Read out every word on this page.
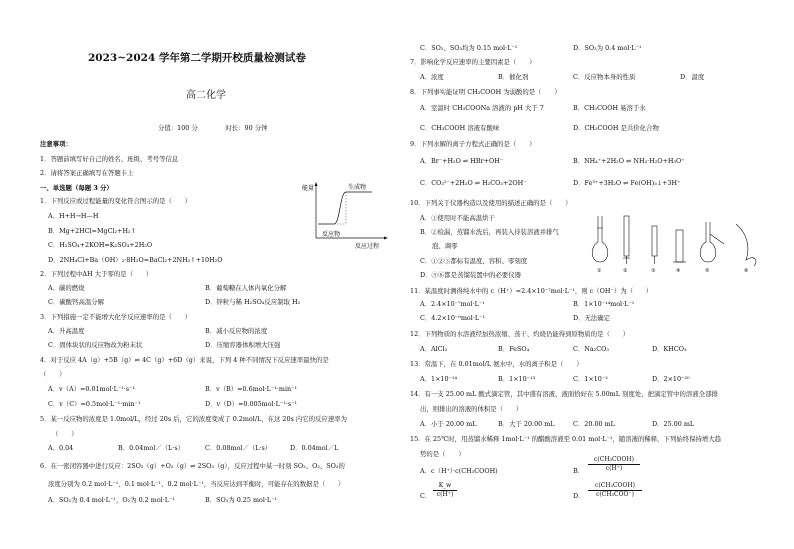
2023~2024 学年第二学期开校质量检测试卷
高二化学
分值：100 分 　　　　时长：90 分钟
注意事项：
1．答题前填写好自己的姓名、班级、考号等信息
2．请将答案正确填写在答题卡上
一、单选题（每题 3 分）
1．下列反应或过程能量的变化符合图示的是（　　）
A．H+H→H—H
B．Mg+2HCl=MgCl₂+H₂↑
C．H₂SO₄+2KOH=K₂SO₄+2H₂O
D．2NH₄Cl+Ba（OH）₂·8H₂O=BaCl₂+2NH₃↑+10H₂O
2．下列过程中ΔH 大于零的是（　　）
A．碳的燃烧	B．葡萄糖在人体内氧化分解
C．碳酸钙高温分解	D．锌粒与稀 H₂SO₄反应制取 H₂
3．下列措施一定不能增大化学反应速率的是（　　）
A．升高温度	B．减小反应物的浓度
C．固体块状的反应物改为粉末状	D．压缩容器体积增大压强
4．对于反应 4A（g）+5B（g）⇌ 4C（g）+6D（g）来说，下列 4 种不同情况下反应速率最快的是
（　　）
A．v（A）=0.01mol·L⁻¹·s⁻¹	B．v（B）=0.6mol·L⁻¹·min⁻¹
C．v（C）=0.5mol·L⁻¹·min⁻¹	D．v（D）=0.005mol·L⁻¹·s⁻¹
5．某一反应物的浓度是 1.0mol/L，经过 20s 后，它的浓度变成了 0.2mol/L，在这 20s 内它的反应速率为
（　　）
A．0.04	B．0.04mol／（L·s）	C．0.08mol／（L·s）	D．0.04mol／L
6．在一密闭容器中进行反应：2SO₂（g）+O₂（g）⇌ 2SO₃（g），反应过程中某一时刻 SO₂、O₂、SO₃的
浓度分别为 0.2 mol·L⁻¹、0.1 mol·L⁻¹、0.2 mol·L⁻¹，当反应达到平衡时，可能存在的数据是（　　）
A．SO₂为 0.4 mol·L⁻¹，O₂为 0.2 mol·L⁻¹	B．SO₃为 0.25 mol·L⁻¹
能量	生成物
反应物
反应过程
C．SO₂、SO₃均为 0.15 mol·L⁻¹	D．SO₃为 0.4 mol·L⁻¹
7．影响化学反应速率的主要因素是（　　）
A．浓度	B．催化剂	C．反应物本身的性质	D．温度
8．下列事实能证明 CH₃COOH 为弱酸的是（　　）
A．室温时 CH₃COONa 溶液的 pH 大于 7	B．CH₃COOH 易溶于水
C．CH₃COOH 溶液有酸味	D．CH₃COOH 是共价化合物
9．下列水解的离子方程式正确的是（　　）
A．Br⁻+H₂O ⇌ HBr+OH⁻	B．NH₄⁺+2H₂O ⇌ NH₃·H₂O+H₃O⁺
C．CO₃²⁻+2H₂O ⇌ H₂CO₃+2OH⁻	D．Fe³⁺+3H₂O ⇌ Fe(OH)₃↓+3H⁺
10．下列关于仪器构造以及使用的描述正确的是（　　）
A．①使用时不能高温烘干
B．②检漏，蒸馏水洗后，再装入待装溶液并排气
泡、调零
C．①②③都标有温度、容积、零刻度
D．⑤⑥都是蒸馏装置中的必要仪器	①	②	③	④	⑤	⑥
11．某温度时测得纯水中的 c（H⁺）=2.4×10⁻⁷mol·L⁻¹，则 c（OH⁻）为（　　）
A．2.4×10⁻⁷mol·L⁻¹	B．1×10⁻¹⁴mol·L⁻¹
C．4.2×10⁻⁸mol·L⁻¹	D．无法确定
12．下列物质的水溶液经加热浓缩、蒸干、灼烧仍能得到原物质的是（　　）
A．AlCl₃	B．FeSO₄	C．Na₂CO₃	D．KHCO₃
13．常温下，在 0.01mol/L 氨水中，水的离子积是（　　）
A．1×10⁻¹⁴	B．1×10⁻¹³	C．1×10⁻²	D．2×10⁻²⁰
14．有一支 25.00 mL 酸式滴定管，其中盛有溶液，液面恰好在 5.00mL 刻度处，把滴定管中的溶液全部排
出，则排出的溶液的体积是（　　）
A．小于 20.00 mL	B．大于 20.00 mL	C．20.00 mL	D．25.00 mL
15．在 25℃时，用蒸馏水稀释 1mol·L⁻¹ 的醋酸溶液至 0.01 mol·L⁻¹，随溶液的稀释，下列始终保持增大趋
势的是（　　）
A．c（H⁺）·c(CH₃COOH)	B．
c(CH₃COOH)
c(H⁺)
C． $\frac{K\_w}{c(H^+)}$	D．
c(CH₃COOH)
c(CH₃COO⁻)
